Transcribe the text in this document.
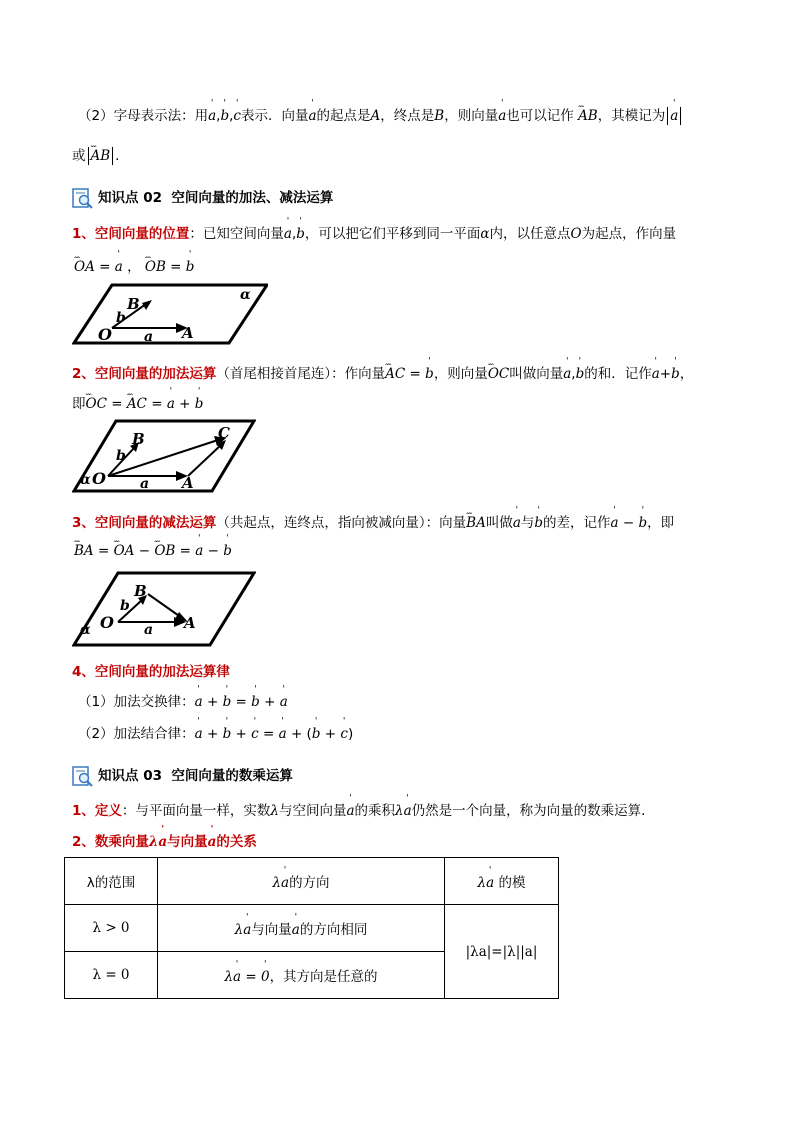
（2）字母表示法：用' a,' b,' c表示．向量' a的起点是A，终点是B，则向量' a也可以记作 ‸‸‸ AB，其模记为 ' a
或 ‸‸‸ AB .
知识点 02 空间向量的加法、减法运算
1、空间向量的位置：已知空间向量' a,' b，可以把它们平移到同一平面α内，以任意点O为起点，作向量
‸‸‸ OA = ' a ， ‸‸‸ OB = ' b
O
b
B
a A
α
2、空间向量的加法运算（首尾相接首尾连）：作向量‸‸‸ AC = ' b，则向量‸‸‸ OC叫做向量' a,' b的和．记作' a+' b，
即‸‸‸ OC = ‸‸‸ AC = ' a + ' b
α O
b
B	C
a A
3、空间向量的减法运算（共起点，连终点，指向被减向量）：向量‸‸‸ BA叫做' a与' b的差，记作' a − ' b，即
‸‸‸ BA = ‸‸‸ OA − ‸‸‸ OB = ' a − ' b
α O
b
B
a A
4、空间向量的加法运算律
（1）加法交换律：' a + ' b = ' b + ' a
（2）加法结合律：' a + ' b + ' c = ' a + (' b + ' c)
知识点 03 空间向量的数乘运算
1、定义：与平面向量一样，实数λ与空间向量' a的乘积λ' a仍然是一个向量，称为向量的数乘运算．
2、数乘向量λ' a与向量' a的关系
λ的范围	λ' a的方向	λ' a 的模
λ > 0	λ' a与向量' a的方向相同	|λa|=|λ||a|
λ = 0	λ' a = ' 0，其方向是任意的	
